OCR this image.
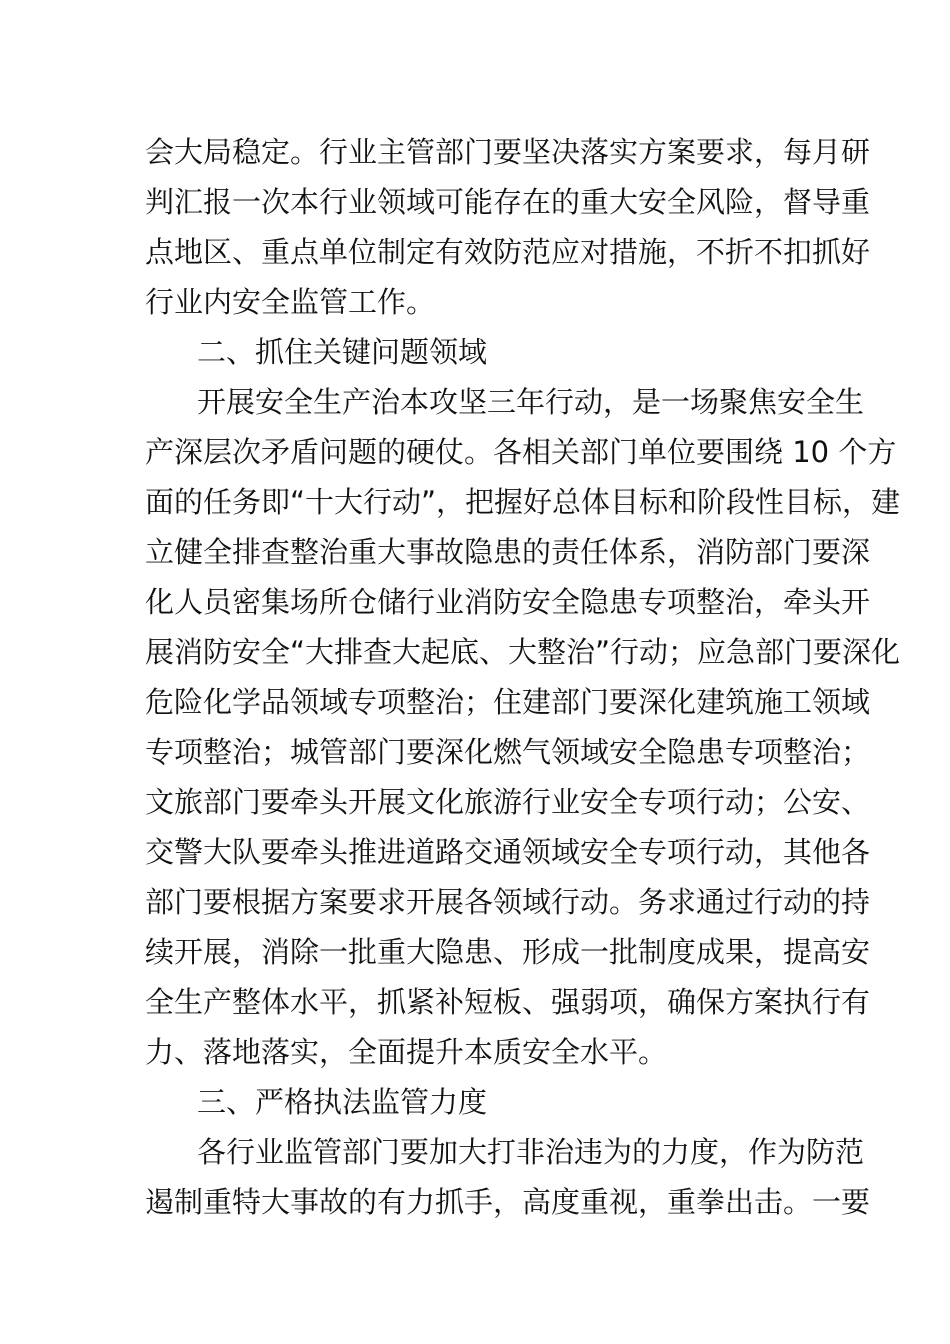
会大局稳定。行业主管部门要坚决落实方案要求，每月研
判汇报一次本行业领域可能存在的重大安全风险，督导重
点地区、重点单位制定有效防范应对措施，不折不扣抓好
行业内安全监管工作。
二、抓住关键问题领域
开展安全生产治本攻坚三年行动，是一场聚焦安全生
产深层次矛盾问题的硬仗。各相关部门单位要围绕 10 个方
面的任务即“十大行动”，把握好总体目标和阶段性目标，建
立健全排查整治重大事故隐患的责任体系，消防部门要深
化人员密集场所仓储行业消防安全隐患专项整治，牵头开
展消防安全“大排查大起底、大整治”行动；应急部门要深化
危险化学品领域专项整治；住建部门要深化建筑施工领域
专项整治；城管部门要深化燃气领域安全隐患专项整治；
文旅部门要牵头开展文化旅游行业安全专项行动；公安、
交警大队要牵头推进道路交通领域安全专项行动，其他各
部门要根据方案要求开展各领域行动。务求通过行动的持
续开展，消除一批重大隐患、形成一批制度成果，提高安
全生产整体水平，抓紧补短板、强弱项，确保方案执行有
力、落地落实，全面提升本质安全水平。
三、严格执法监管力度
各行业监管部门要加大打非治违为的力度，作为防范
遏制重特大事故的有力抓手，高度重视，重拳出击。一要
